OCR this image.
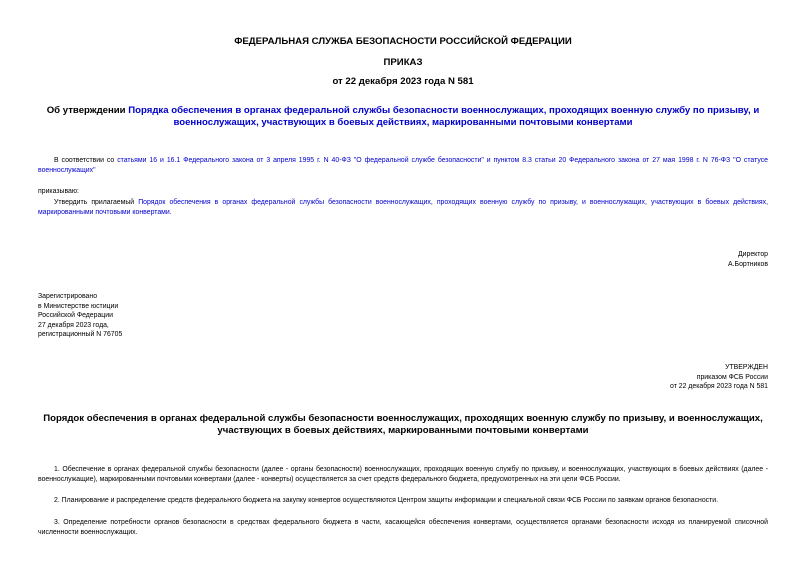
ФЕДЕРАЛЬНАЯ СЛУЖБА БЕЗОПАСНОСТИ РОССИЙСКОЙ ФЕДЕРАЦИИ
ПРИКАЗ
от 22 декабря 2023 года N 581
Об утверждении Порядка обеспечения в органах федеральной службы безопасности военнослужащих, проходящих военную службу по призыву, и военнослужащих, участвующих в боевых действиях, маркированными почтовыми конвертами
В соответствии со статьями 16 и 16.1 Федерального закона от 3 апреля 1995 г. N 40-ФЗ "О федеральной службе безопасности" и пунктом 8.3 статьи 20 Федерального закона от 27 мая 1998 г. N 76-ФЗ "О статусе военнослужащих"
приказываю:
Утвердить прилагаемый Порядок обеспечения в органах федеральной службы безопасности военнослужащих, проходящих военную службу по призыву, и военнослужащих, участвующих в боевых действиях, маркированными почтовыми конвертами.
Директор
А.Бортников
Зарегистрировано
в Министерстве юстиции
Российской Федерации
27 декабря 2023 года,
регистрационный N 76705
УТВЕРЖДЕН
приказом ФСБ России
от 22 декабря 2023 года N 581
Порядок обеспечения в органах федеральной службы безопасности военнослужащих, проходящих военную службу по призыву, и военнослужащих, участвующих в боевых действиях, маркированными почтовыми конвертами
1. Обеспечение в органах федеральной службы безопасности (далее - органы безопасности) военнослужащих, проходящих военную службу по призыву, и военнослужащих, участвующих в боевых действиях (далее - военнослужащие), маркированными почтовыми конвертами (далее - конверты) осуществляется за счет средств федерального бюджета, предусмотренных на эти цели ФСБ России.
2. Планирование и распределение средств федерального бюджета на закупку конвертов осуществляются Центром защиты информации и специальной связи ФСБ России по заявкам органов безопасности.
3. Определение потребности органов безопасности в средствах федерального бюджета в части, касающейся обеспечения конвертами, осуществляется органами безопасности исходя из планируемой списочной численности военнослужащих.
